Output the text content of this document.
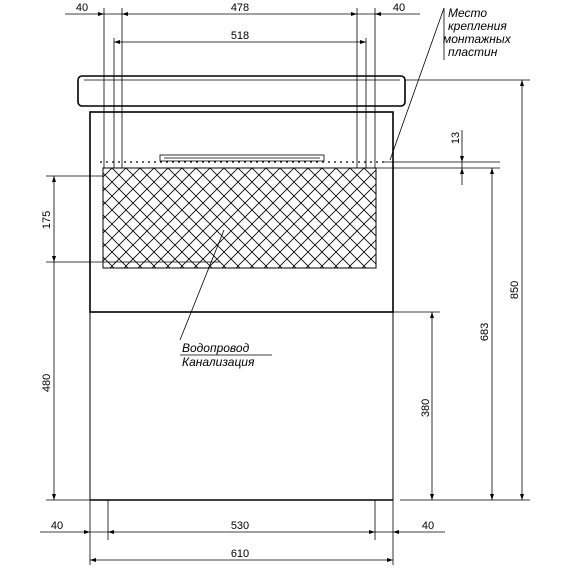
40	478	40
518
Место
крепления
монтажных
пластин
13
850
683
380
175
480
Водопровод
Канализация
40	530	40
610
